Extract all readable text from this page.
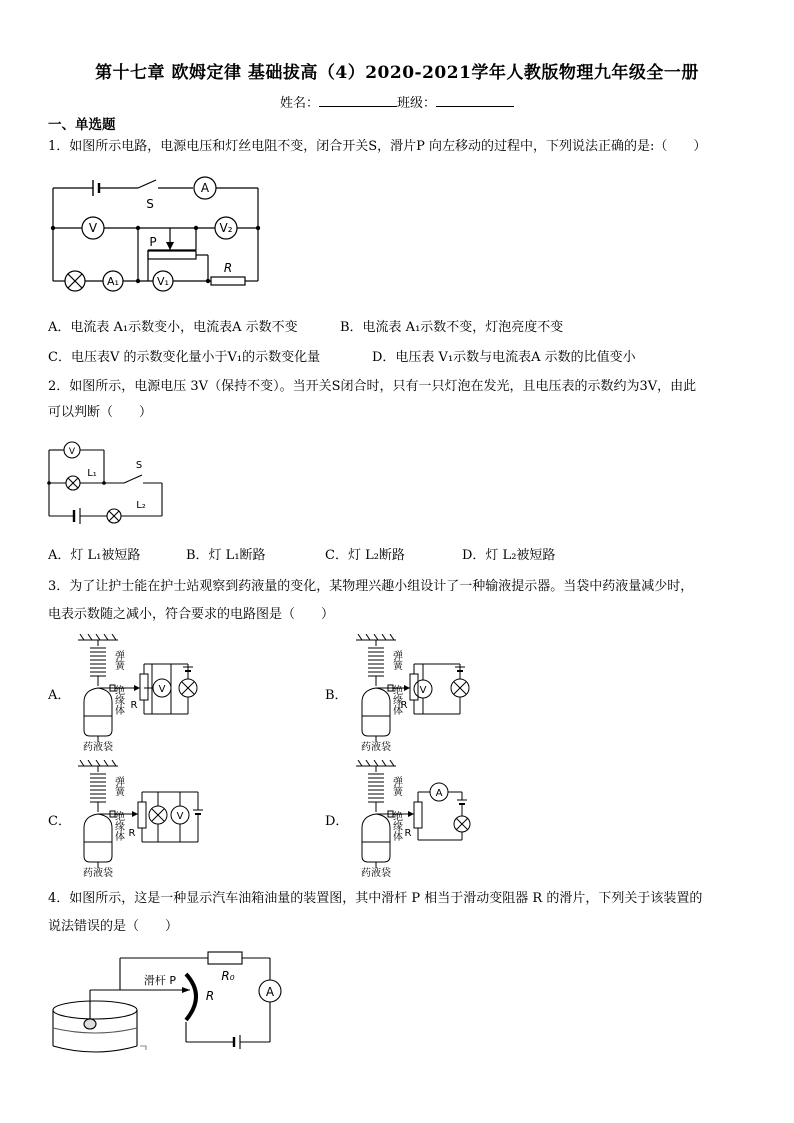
第十七章 欧姆定律 基础拔高（4）2020-2021学年人教版物理九年级全一册
姓名：	班级：
一、单选题
1．如图所示电路，电源电压和灯丝电阻不变，闭合开关S，滑片P 向左移动的过程中，下列说法正确的是:（　　）
S
A
V	V₂
P
A₁	V₁
R
A．电流表 A₁示数变小，电流表A 示数不变	B．电流表 A₁示数不变，灯泡亮度不变
C．电压表V 的示数变化量小于V₁的示数变化量	D．电压表 V₁示数与电流表A 示数的比值变小
2．如图所示，电源电压 3V（保持不变）。当开关S闭合时，只有一只灯泡在发光，且电压表的示数约为3V，由此
可以判断（　　）
V
L₁
S
L₂
A．灯 L₁被短路	B．灯 L₁断路	C．灯 L₂断路	D．灯 L₂被短路
3．为了让护士能在护士站观察到药液量的变化，某物理兴趣小组设计了一种输液提示器。当袋中药液量减少时，
电表示数随之减小，符合要求的电路图是（　　）
A．
弹簧
绝缘体
药液袋
R
V	B．
弹簧
绝缘体
药液袋
R
V
C．
弹簧
绝缘体
药液袋
R
V	D．
弹簧
绝缘体
药液袋
R
A
4．如图所示，这是一种显示汽车油箱油量的装置图，其中滑杆 P 相当于滑动变阻器 R 的滑片，下列关于该装置的
说法错误的是（　　）
滑杆 P
R
R₀
A
